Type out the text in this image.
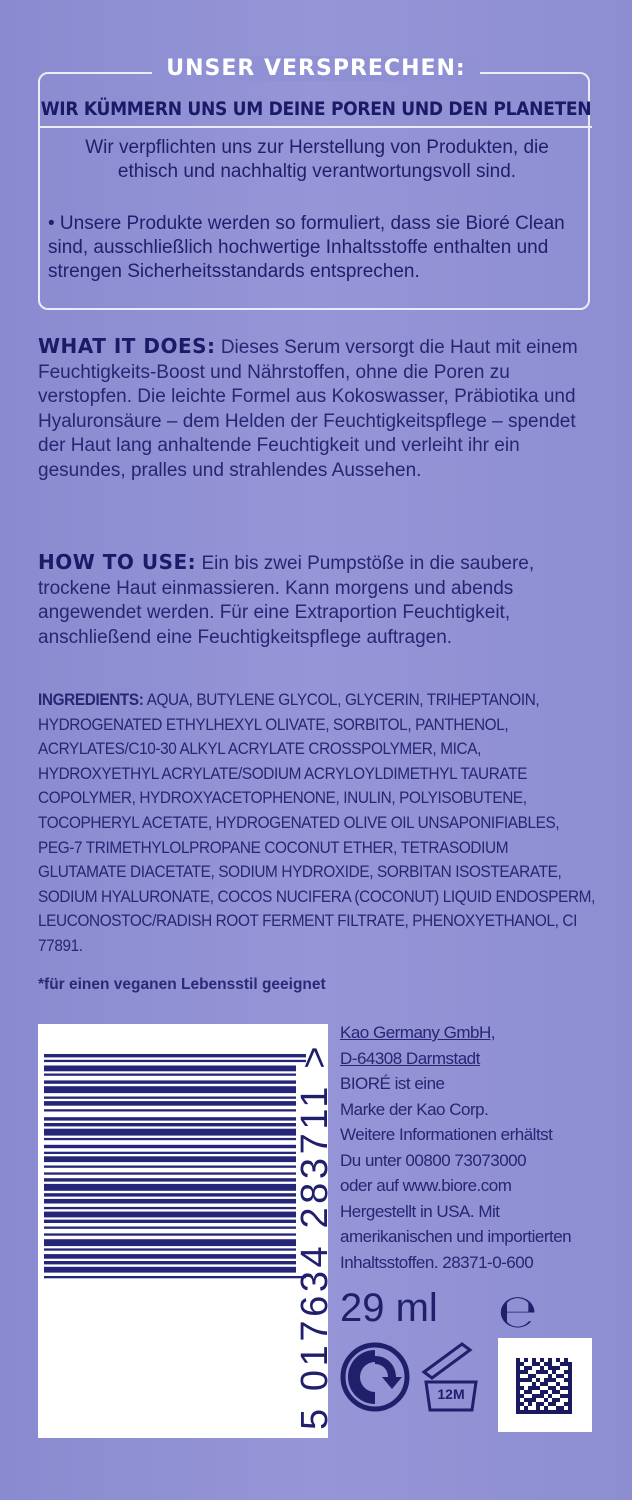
UNSER VERSPRECHEN:
WIR KÜMMERN UNS UM DEINE POREN UND DEN PLANETEN
Wir verpflichten uns zur Herstellung von Produkten, die ethisch und nachhaltig verantwortungsvoll sind.
• Unsere Produkte werden so formuliert, dass sie Bioré Clean sind, ausschließlich hochwertige Inhaltsstoffe enthalten und strengen Sicherheitsstandards entsprechen.
WHAT IT DOES: Dieses Serum versorgt die Haut mit einem Feuchtigkeits-Boost und Nährstoffen, ohne die Poren zu verstopfen. Die leichte Formel aus Kokoswasser, Präbiotika und Hyaluronsäure – dem Helden der Feuchtigkeitspflege – spendet der Haut lang anhaltende Feuchtigkeit und verleiht ihr ein gesundes, pralles und strahlendes Aussehen.
HOW TO USE: Ein bis zwei Pumpstöße in die saubere, trockene Haut einmassieren. Kann morgens und abends angewendet werden. Für eine Extraportion Feuchtigkeit, anschließend eine Feuchtigkeitspflege auftragen.
INGREDIENTS: AQUA, BUTYLENE GLYCOL, GLYCERIN, TRIHEPTANOIN, HYDROGENATED ETHYLHEXYL OLIVATE, SORBITOL, PANTHENOL, ACRYLATES/C10-30 ALKYL ACRYLATE CROSSPOLYMER, MICA, HYDROXYETHYL ACRYLATE/SODIUM ACRYLOYLDIMETHYL TAURATE COPOLYMER, HYDROXYACETOPHENONE, INULIN, POLYISOBUTENE, TOCOPHERYL ACETATE, HYDROGENATED OLIVE OIL UNSAPONIFIABLES, PEG-7 TRIMETHYLOLPROPANE COCONUT ETHER, TETRASODIUM GLUTAMATE DIACETATE, SODIUM HYDROXIDE, SORBITAN ISOSTEARATE, SODIUM HYALURONATE, COCOS NUCIFERA (COCONUT) LIQUID ENDOSPERM, LEUCONOSTOC/RADISH ROOT FERMENT FILTRATE, PHENOXYETHANOL, CI 77891.
*für einen veganen Lebensstil geeignet
5 017634 283711 >
Kao Germany GmbH,
D-64308 Darmstadt
BIORÉ ist eine
Marke der Kao Corp.
Weitere Informationen erhältst
Du unter 00800 73073000
oder auf www.biore.com
Hergestellt in USA. Mit
amerikanischen und importierten
Inhaltsstoffen. 28371-0-600
29 ml ℮
12M
